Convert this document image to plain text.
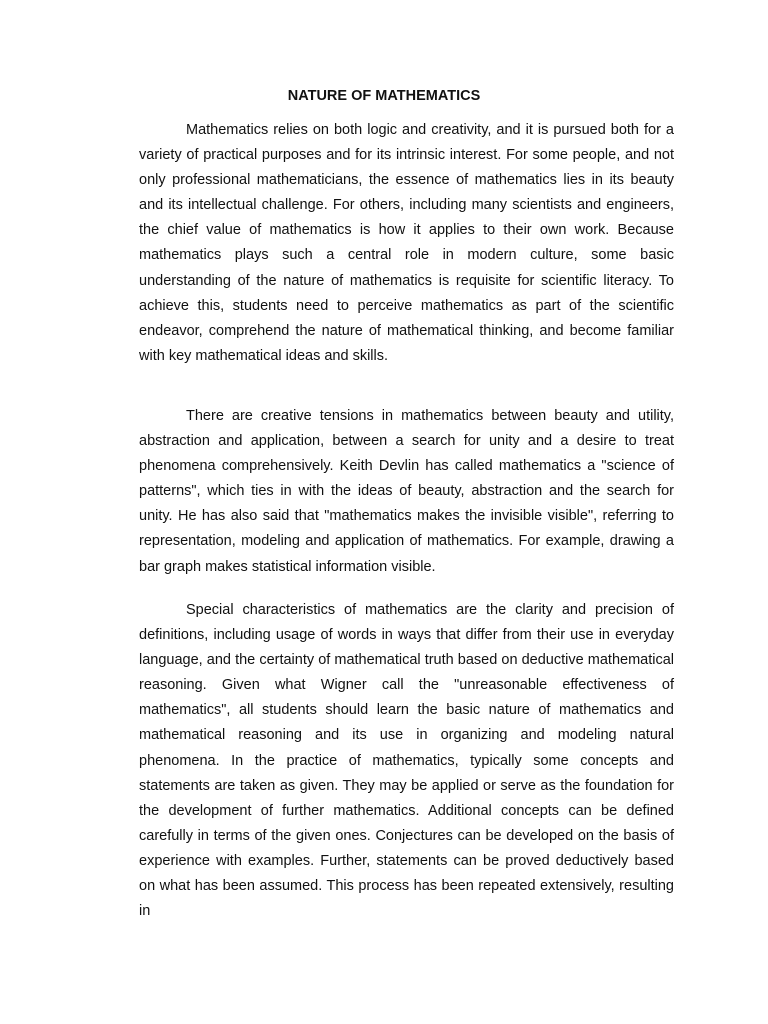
NATURE OF MATHEMATICS

Mathematics relies on both logic and creativity, and it is pursued both for a variety of practical purposes and for its intrinsic interest. For some people, and not only professional mathematicians, the essence of mathematics lies in its beauty and its intellectual challenge. For others, including many scientists and engineers, the chief value of mathematics is how it applies to their own work. Because mathematics plays such a central role in modern culture, some basic understanding of the nature of mathematics is requisite for scientific literacy. To achieve this, students need to perceive mathematics as part of the scientific endeavor, comprehend the nature of mathematical thinking, and become familiar with key mathematical ideas and skills.

There are creative tensions in mathematics between beauty and utility, abstraction and application, between a search for unity and a desire to treat phenomena comprehensively. Keith Devlin has called mathematics a "science of patterns", which ties in with the ideas of beauty, abstraction and the search for unity. He has also said that "mathematics makes the invisible visible", referring to representation, modeling and application of mathematics. For example, drawing a bar graph makes statistical information visible.

Special characteristics of mathematics are the clarity and precision of definitions, including usage of words in ways that differ from their use in everyday language, and the certainty of mathematical truth based on deductive mathematical reasoning. Given what Wigner call the "unreasonable effectiveness of mathematics", all students should learn the basic nature of mathematics and mathematical reasoning and its use in organizing and modeling natural phenomena. In the practice of mathematics, typically some concepts and statements are taken as given. They may be applied or serve as the foundation for the development of further mathematics. Additional concepts can be defined carefully in terms of the given ones. Conjectures can be developed on the basis of experience with examples. Further, statements can be proved deductively based on what has been assumed. This process has been repeated extensively, resulting in
